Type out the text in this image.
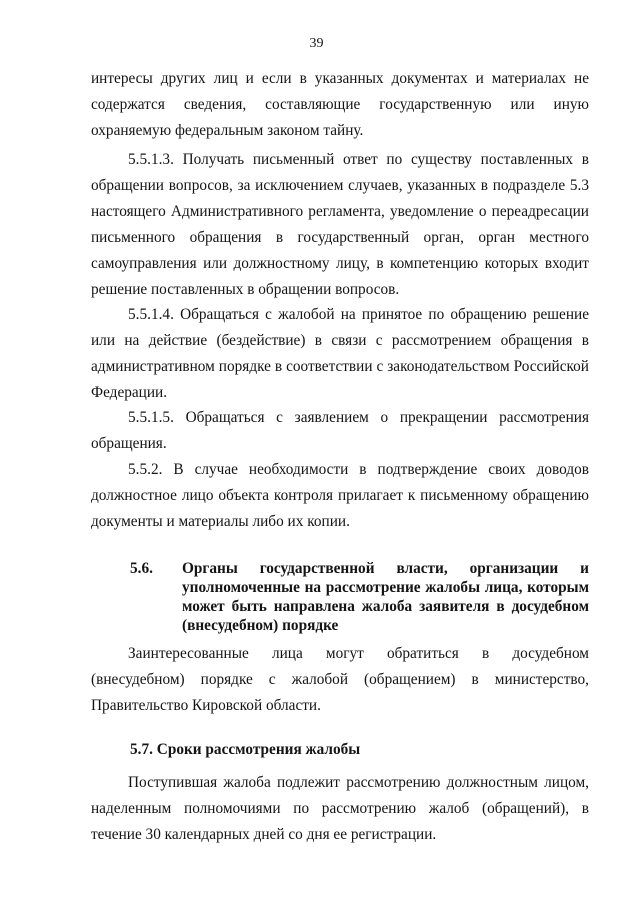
39

интересы других лиц и если в указанных документах и материалах не содержатся сведения, составляющие государственную или иную охраняемую федеральным законом тайну.

5.5.1.3. Получать письменный ответ по существу поставленных в обращении вопросов, за исключением случаев, указанных в подразделе 5.3 настоящего Административного регламента, уведомление о переадресации письменного обращения в государственный орган, орган местного самоуправления или должностному лицу, в компетенцию которых входит решение поставленных в обращении вопросов.

5.5.1.4. Обращаться с жалобой на принятое по обращению решение или на действие (бездействие) в связи с рассмотрением обращения в административном порядке в соответствии с законодательством Российской Федерации.

5.5.1.5. Обращаться с заявлением о прекращении рассмотрения обращения.

5.5.2. В случае необходимости в подтверждение своих доводов должностное лицо объекта контроля прилагает к письменному обращению документы и материалы либо их копии.

5.6. Органы государственной власти, организации и уполномоченные на рассмотрение жалобы лица, которым может быть направлена жалоба заявителя в досудебном (внесудебном) порядке

Заинтересованные лица могут обратиться в досудебном (внесудебном) порядке с жалобой (обращением) в министерство, Правительство Кировской области.

5.7. Сроки рассмотрения жалобы

Поступившая жалоба подлежит рассмотрению должностным лицом, наделенным полномочиями по рассмотрению жалоб (обращений), в течение 30 календарных дней со дня ее регистрации.
